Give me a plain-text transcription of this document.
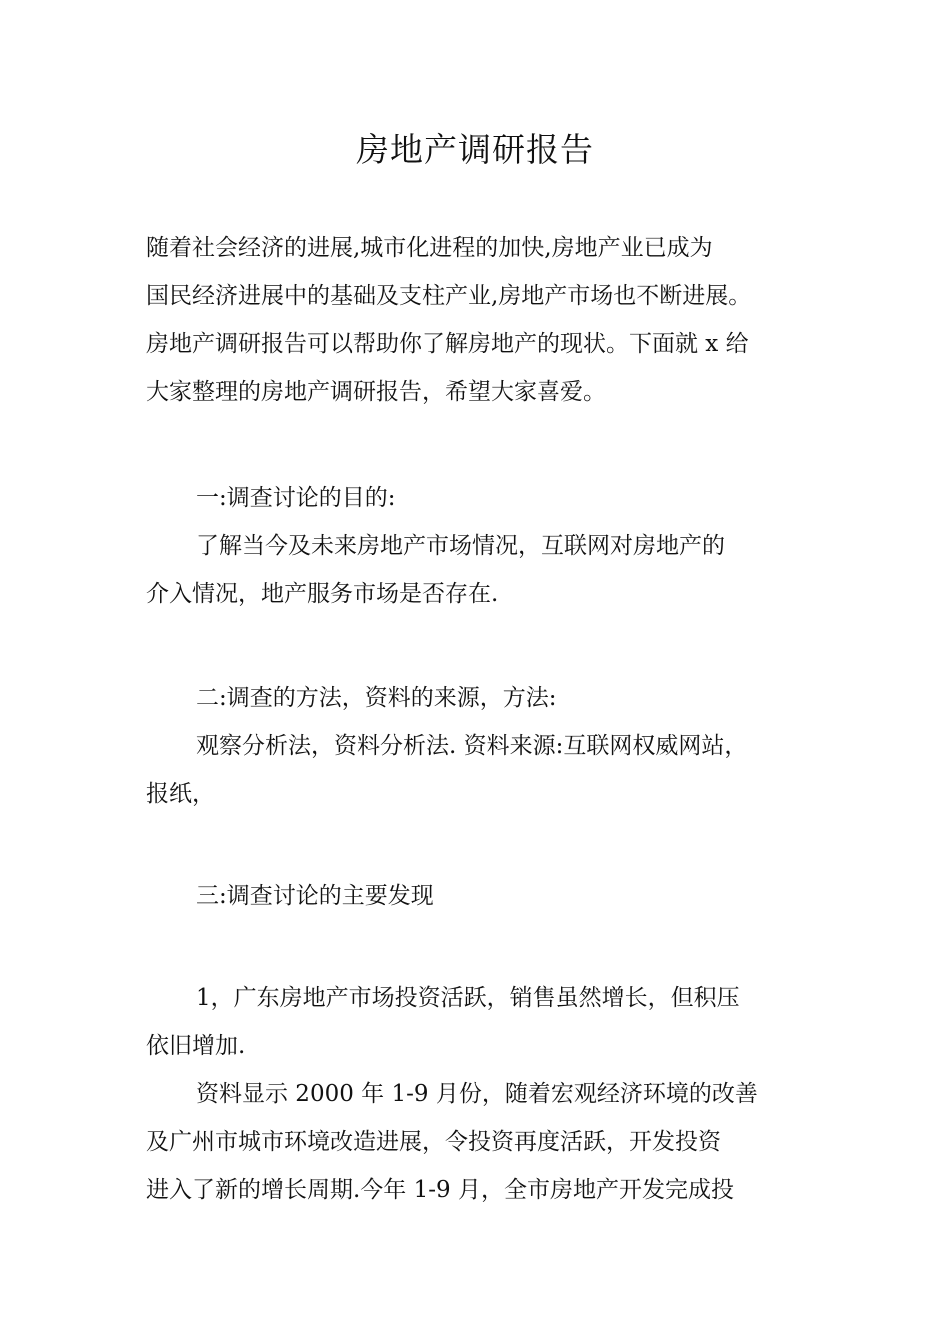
房地产调研报告
随着社会经济的进展,城市化进程的加快,房地产业已成为
国民经济进展中的基础及支柱产业,房地产市场也不断进展。
房地产调研报告可以帮助你了解房地产的现状。下面就 x 给
大家整理的房地产调研报告，希望大家喜爱。
一:调查讨论的目的:
了解当今及未来房地产市场情况，互联网对房地产的
介入情况，地产服务市场是否存在.
二:调查的方法，资料的来源，方法:
观察分析法，资料分析法. 资料来源:互联网权威网站，
报纸，
三:调查讨论的主要发现
1，广东房地产市场投资活跃，销售虽然增长，但积压
依旧增加.
资料显示 2000 年 1-9 月份，随着宏观经济环境的改善
及广州市城市环境改造进展，令投资再度活跃，开发投资
进入了新的增长周期.今年 1-9 月，全市房地产开发完成投
